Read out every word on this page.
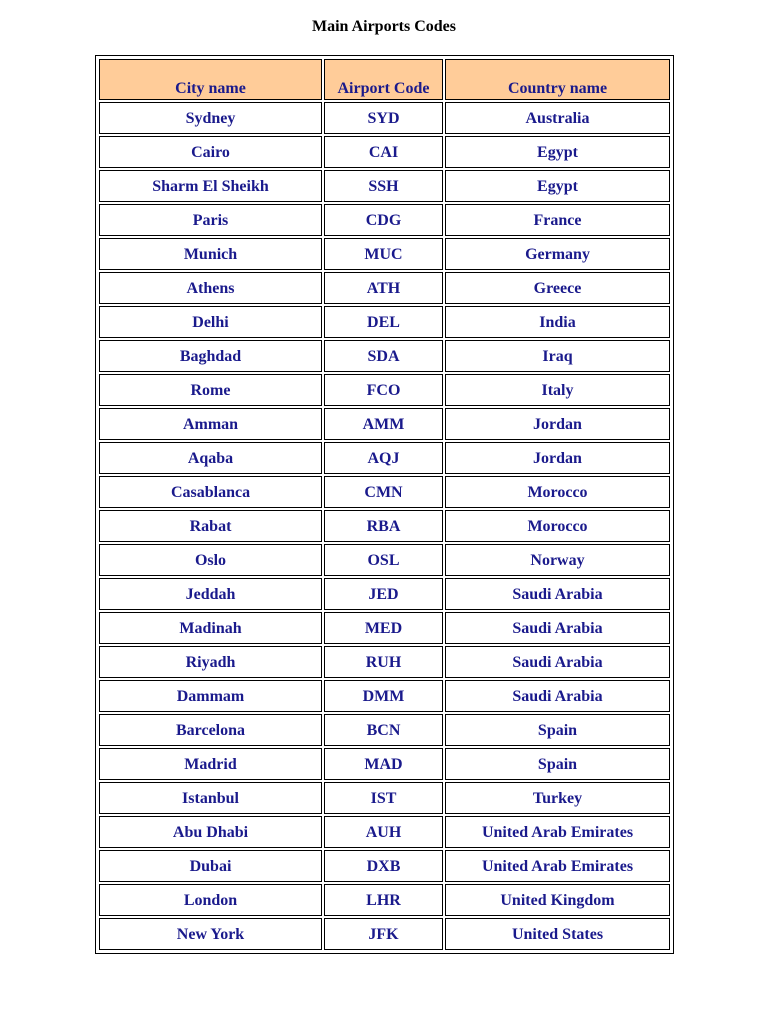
Main Airports Codes
City name	Airport Code	Country name
Sydney	SYD	Australia
Cairo	CAI	Egypt
Sharm El Sheikh	SSH	Egypt
Paris	CDG	France
Munich	MUC	Germany
Athens	ATH	Greece
Delhi	DEL	India
Baghdad	SDA	Iraq
Rome	FCO	Italy
Amman	AMM	Jordan
Aqaba	AQJ	Jordan
Casablanca	CMN	Morocco
Rabat	RBA	Morocco
Oslo	OSL	Norway
Jeddah	JED	Saudi Arabia
Madinah	MED	Saudi Arabia
Riyadh	RUH	Saudi Arabia
Dammam	DMM	Saudi Arabia
Barcelona	BCN	Spain
Madrid	MAD	Spain
Istanbul	IST	Turkey
Abu Dhabi	AUH	United Arab Emirates
Dubai	DXB	United Arab Emirates
London	LHR	United Kingdom
New York	JFK	United States
